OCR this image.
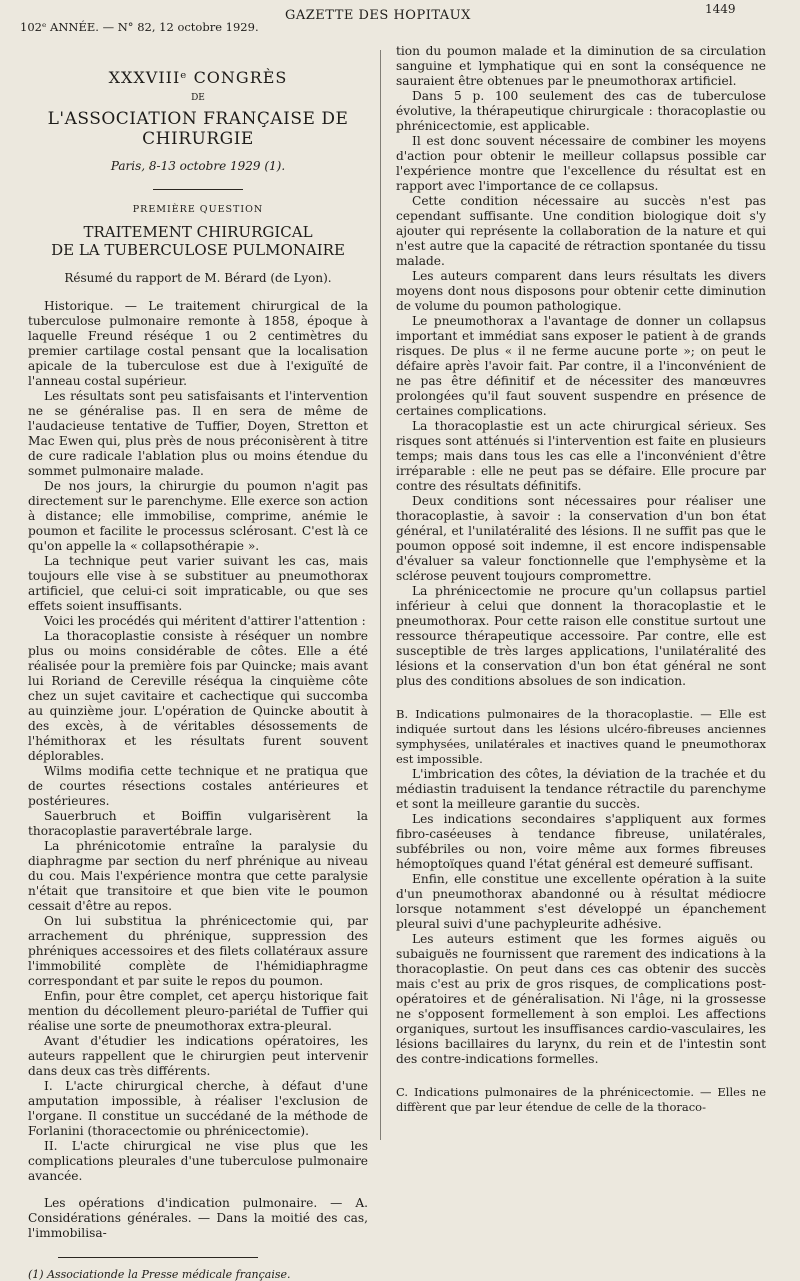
102ᵉ ANNÉE. — N° 82, 12 octobre 1929.
GAZETTE DES HOPITAUX	1449
XXXVIIIᵉ CONGRÈS
DE
L'ASSOCIATION FRANÇAISE DE CHIRURGIE
Paris, 8-13 octobre 1929 (1).
PREMIÈRE QUESTION
TRAITEMENT CHIRURGICAL
DE LA TUBERCULOSE PULMONAIRE
Résumé du rapport de M. Bérard (de Lyon).

Historique. — Le traitement chirurgical de la tuberculose pulmonaire remonte à 1858, époque à laquelle Freund réséque 1 ou 2 centimètres du premier cartilage costal pensant que la localisation apicale de la tuberculose est due à l'exiguïté de l'anneau costal supérieur.

Les résultats sont peu satisfaisants et l'intervention ne se généralise pas. Il en sera de même de l'audacieuse tentative de Tuffier, Doyen, Stretton et Mac Ewen qui, plus près de nous préconisèrent à titre de cure radicale l'ablation plus ou moins étendue du sommet pulmonaire malade.

De nos jours, la chirurgie du poumon n'agit pas directement sur le parenchyme. Elle exerce son action à distance; elle immobilise, comprime, anémie le poumon et facilite le processus sclérosant. C'est là ce qu'on appelle la « collapsothérapie ».

La technique peut varier suivant les cas, mais toujours elle vise à se substituer au pneumothorax artificiel, que celui-ci soit impraticable, ou que ses effets soient insuffisants.

Voici les procédés qui méritent d'attirer l'attention :

La thoracoplastie consiste à réséquer un nombre plus ou moins considérable de côtes. Elle a été réalisée pour la première fois par Quincke; mais avant lui Roriand de Cereville réséqua la cinquième côte chez un sujet cavitaire et cachectique qui succomba au quinzième jour. L'opération de Quincke aboutit à des excès, à de véritables désossements de l'hémithorax et les résultats furent souvent déplorables.

Wilms modifia cette technique et ne pratiqua que de courtes résections costales antérieures et postérieures.

Sauerbruch et Boiffin vulgarisèrent la thoracoplastie paravertébrale large.

La phrénicotomie entraîne la paralysie du diaphragme par section du nerf phrénique au niveau du cou. Mais l'expérience montra que cette paralysie n'était que transitoire et que bien vite le poumon cessait d'être au repos.

On lui substitua la phrénicectomie qui, par arrachement du phrénique, suppression des phréniques accessoires et des filets collatéraux assure l'immobilité complète de l'hémidiaphragme correspondant et par suite le repos du poumon.

Enfin, pour être complet, cet aperçu historique fait mention du décollement pleuro-pariétal de Tuffier qui réalise une sorte de pneumothorax extra-pleural.

Avant d'étudier les indications opératoires, les auteurs rappellent que le chirurgien peut intervenir dans deux cas très différents.

I. L'acte chirurgical cherche, à défaut d'une amputation impossible, à réaliser l'exclusion de l'organe. Il constitue un succédané de la méthode de Forlanini (thoracectomie ou phrénicectomie).

II. L'acte chirurgical ne vise plus que les complications pleurales d'une tuberculose pulmonaire avancée.

Les opérations d'indication pulmonaire. — A. Considérations générales. — Dans la moitié des cas, l'immobilisa-

(1) Associationde la Presse médicale française.

tion du poumon malade et la diminution de sa circulation sanguine et lymphatique qui en sont la conséquence ne sauraient être obtenues par le pneumothorax artificiel.

Dans 5 p. 100 seulement des cas de tuberculose évolutive, la thérapeutique chirurgicale : thoracoplastie ou phrénicectomie, est applicable.

Il est donc souvent nécessaire de combiner les moyens d'action pour obtenir le meilleur collapsus possible car l'expérience montre que l'excellence du résultat est en rapport avec l'importance de ce collapsus.

Cette condition nécessaire au succès n'est pas cependant suffisante. Une condition biologique doit s'y ajouter qui représente la collaboration de la nature et qui n'est autre que la capacité de rétraction spontanée du tissu malade.

Les auteurs comparent dans leurs résultats les divers moyens dont nous disposons pour obtenir cette diminution de volume du poumon pathologique.

Le pneumothorax a l'avantage de donner un collapsus important et immédiat sans exposer le patient à de grands risques. De plus « il ne ferme aucune porte »; on peut le défaire après l'avoir fait. Par contre, il a l'inconvénient de ne pas être définitif et de nécessiter des manœuvres prolongées qu'il faut souvent suspendre en présence de certaines complications.

La thoracoplastie est un acte chirurgical sérieux. Ses risques sont atténués si l'intervention est faite en plusieurs temps; mais dans tous les cas elle a l'inconvénient d'être irréparable : elle ne peut pas se défaire. Elle procure par contre des résultats définitifs.

Deux conditions sont nécessaires pour réaliser une thoracoplastie, à savoir : la conservation d'un bon état général, et l'unilatéralité des lésions. Il ne suffit pas que le poumon opposé soit indemne, il est encore indispensable d'évaluer sa valeur fonctionnelle que l'emphysème et la sclérose peuvent toujours compromettre.

La phrénicectomie ne procure qu'un collapsus partiel inférieur à celui que donnent la thoracoplastie et le pneumothorax. Pour cette raison elle constitue surtout une ressource thérapeutique accessoire. Par contre, elle est susceptible de très larges applications, l'unilatéralité des lésions et la conservation d'un bon état général ne sont plus des conditions absolues de son indication.

B. Indications pulmonaires de la thoracoplastie. — Elle est indiquée surtout dans les lésions ulcéro-fibreuses anciennes symphysées, unilatérales et inactives quand le pneumothorax est impossible.

L'imbrication des côtes, la déviation de la trachée et du médiastin traduisent la tendance rétractile du parenchyme et sont la meilleure garantie du succès.

Les indications secondaires s'appliquent aux formes fibro-caséeuses à tendance fibreuse, unilatérales, subfébriles ou non, voire même aux formes fibreuses hémoptoïques quand l'état général est demeuré suffisant.

Enfin, elle constitue une excellente opération à la suite d'un pneumothorax abandonné ou à résultat médiocre lorsque notamment s'est développé un épanchement pleural suivi d'une pachypleurite adhésive.

Les auteurs estiment que les formes aiguës ou subaiguës ne fournissent que rarement des indications à la thoracoplastie. On peut dans ces cas obtenir des succès mais c'est au prix de gros risques, de complications post-opératoires et de généralisation. Ni l'âge, ni la grossesse ne s'opposent formellement à son emploi. Les affections organiques, surtout les insuffisances cardio-vasculaires, les lésions bacillaires du larynx, du rein et de l'intestin sont des contre-indications formelles.

C. Indications pulmonaires de la phrénicectomie. — Elles ne diffèrent que par leur étendue de celle de la thoraco-
